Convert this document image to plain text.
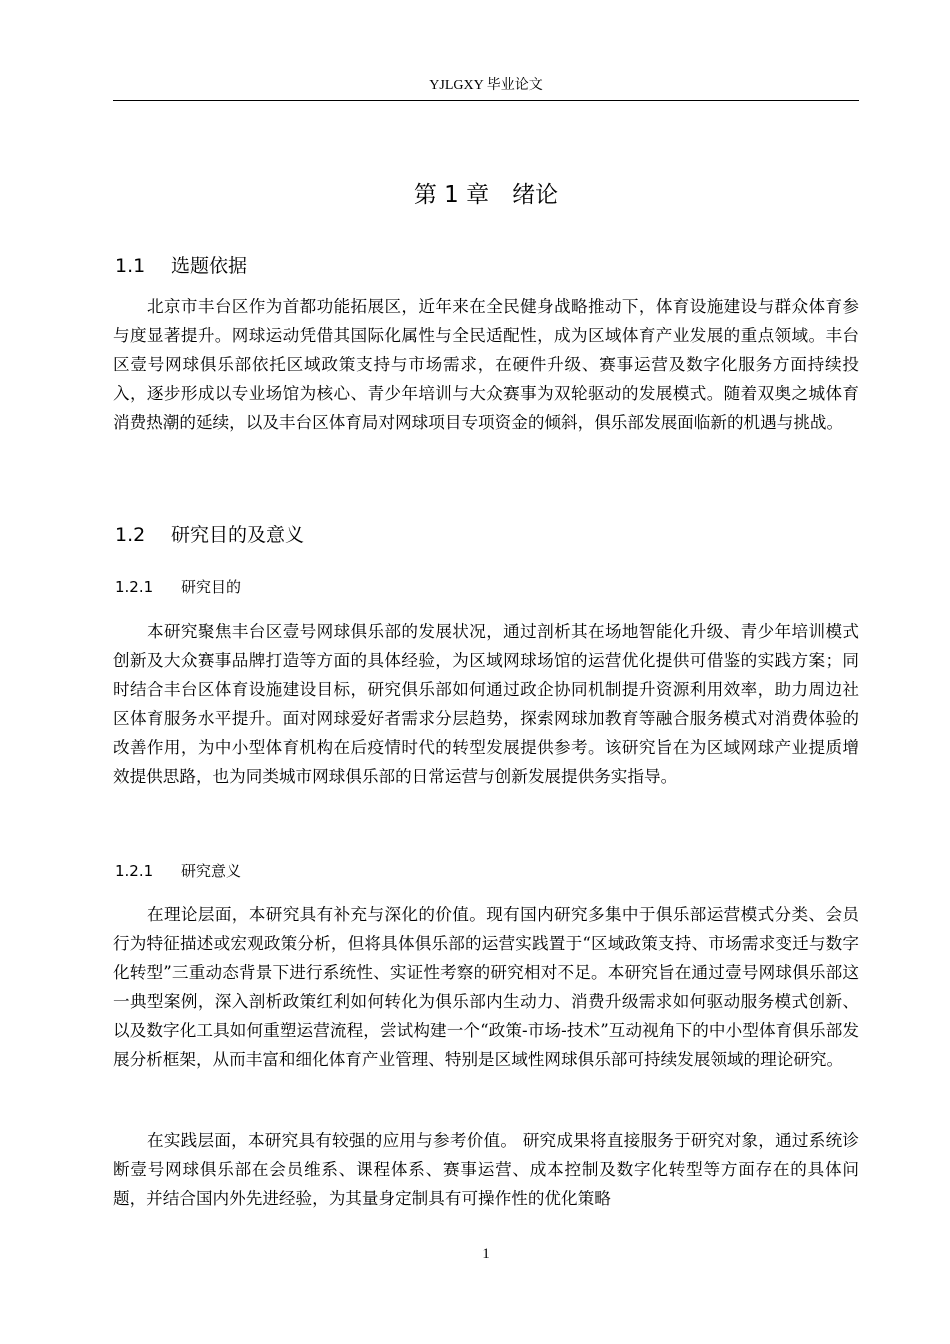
YJLGXY 毕业论文
第 1 章　绪论
1.1 选题依据

北京市丰台区作为首都功能拓展区，近年来在全民健身战略推动下，体育设施建设与群众体育参与度显著提升。网球运动凭借其国际化属性与全民适配性，成为区域体育产业发展的重点领域。丰台区壹号网球俱乐部依托区域政策支持与市场需求，在硬件升级、赛事运营及数字化服务方面持续投入，逐步形成以专业场馆为核心、青少年培训与大众赛事为双轮驱动的发展模式。随着双奥之城体育消费热潮的延续，以及丰台区体育局对网球项目专项资金的倾斜，俱乐部发展面临新的机遇与挑战。

1.2 研究目的及意义
1.2.1 研究目的

本研究聚焦丰台区壹号网球俱乐部的发展状况，通过剖析其在场地智能化升级、青少年培训模式创新及大众赛事品牌打造等方面的具体经验，为区域网球场馆的运营优化提供可借鉴的实践方案；同时结合丰台区体育设施建设目标，研究俱乐部如何通过政企协同机制提升资源利用效率，助力周边社区体育服务水平提升。面对网球爱好者需求分层趋势，探索网球加教育等融合服务模式对消费体验的改善作用，为中小型体育机构在后疫情时代的转型发展提供参考。该研究旨在为区域网球产业提质增效提供思路，也为同类城市网球俱乐部的日常运营与创新发展提供务实指导。

1.2.1 研究意义

在理论层面，本研究具有补充与深化的价值。现有国内研究多集中于俱乐部运营模式分类、会员行为特征描述或宏观政策分析，但将具体俱乐部的运营实践置于“区域政策支持、市场需求变迁与数字化转型”三重动态背景下进行系统性、实证性考察的研究相对不足。本研究旨在通过壹号网球俱乐部这一典型案例，深入剖析政策红利如何转化为俱乐部内生动力、消费升级需求如何驱动服务模式创新、以及数字化工具如何重塑运营流程，尝试构建一个“政策-市场-技术”互动视角下的中小型体育俱乐部发展分析框架，从而丰富和细化体育产业管理、特别是区域性网球俱乐部可持续发展领域的理论研究。

在实践层面，本研究具有较强的应用与参考价值。 研究成果将直接服务于研究对象，通过系统诊断壹号网球俱乐部在会员维系、课程体系、赛事运营、成本控制及数字化转型等方面存在的具体问题，并结合国内外先进经验，为其量身定制具有可操作性的优化策略

1
